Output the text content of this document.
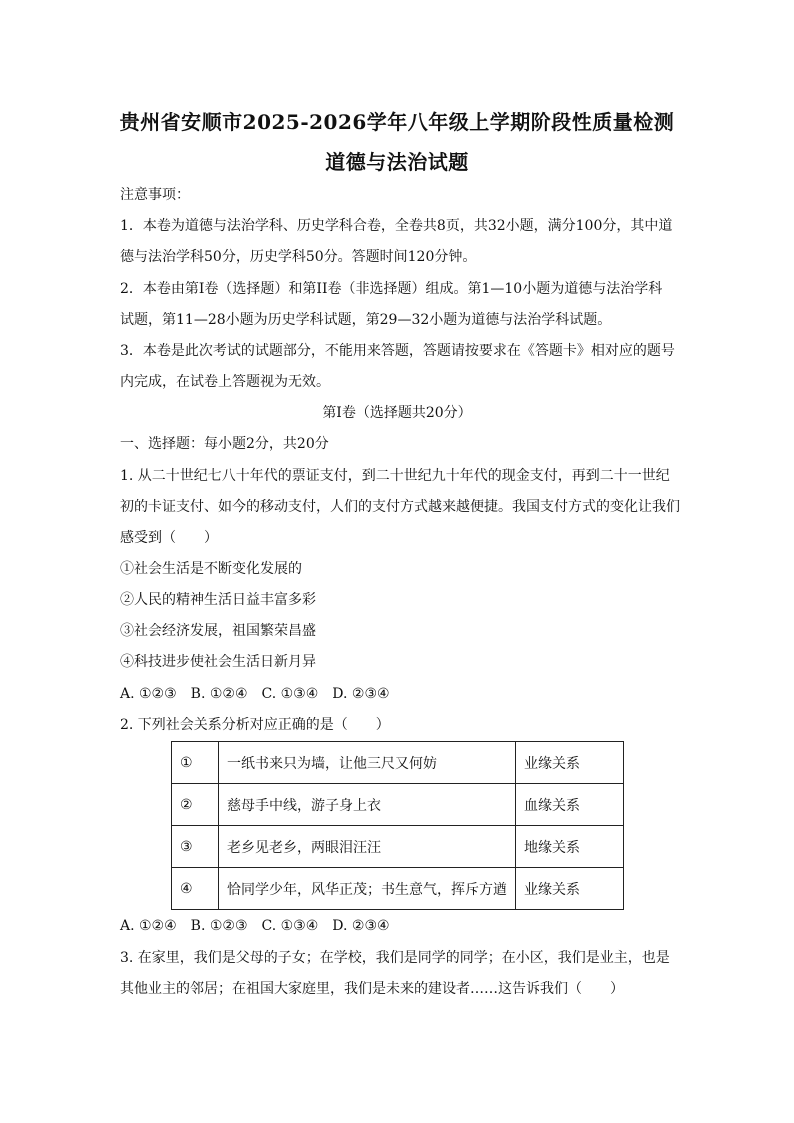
贵州省安顺市2025-2026学年八年级上学期阶段性质量检测
道德与法治试题
注意事项：
1．本卷为道德与法治学科、历史学科合卷，全卷共8页，共32小题，满分100分，其中道
德与法治学科50分，历史学科50分。答题时间120分钟。
2．本卷由第I卷（选择题）和第II卷（非选择题）组成。第1—10小题为道德与法治学科
试题，第11—28小题为历史学科试题，第29—32小题为道德与法治学科试题。
3．本卷是此次考试的试题部分，不能用来答题，答题请按要求在《答题卡》相对应的题号
内完成，在试卷上答题视为无效。
第I卷（选择题共20分）
一、选择题：每小题2分，共20分
1. 从二十世纪七八十年代的票证支付，到二十世纪九十年代的现金支付，再到二十一世纪
初的卡证支付、如今的移动支付，人们的支付方式越来越便捷。我国支付方式的变化让我们
感受到（　　）
①社会生活是不断变化发展的
②人民的精神生活日益丰富多彩
③社会经济发展，祖国繁荣昌盛
④科技进步使社会生活日新月异
A. ①②③　B. ①②④　C. ①③④　D. ②③④
2. 下列社会关系分析对应正确的是（　　）
①	一纸书来只为墙，让他三尺又何妨	业缘关系
②	慈母手中线，游子身上衣	血缘关系
③	老乡见老乡，两眼泪汪汪	地缘关系
④	恰同学少年，风华正茂；书生意气，挥斥方遒	业缘关系
A. ①②④　B. ①②③　C. ①③④　D. ②③④
3. 在家里，我们是父母的子女；在学校，我们是同学的同学；在小区，我们是业主，也是
其他业主的邻居；在祖国大家庭里，我们是未来的建设者……这告诉我们（　　）
